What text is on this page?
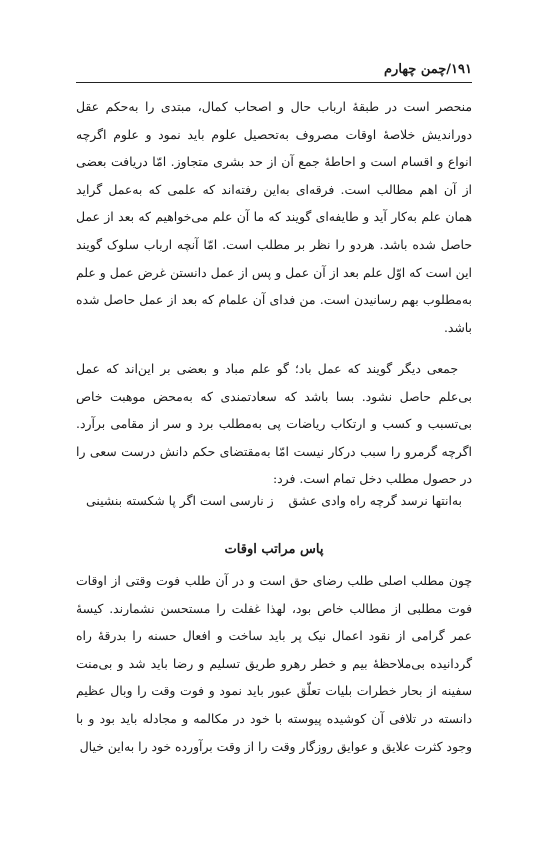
۱۹۱/چمن چهارم

منحصر است در طبقهٔ ارباب حال و اصحاب کمال، مبتدی را به‌حکم عقل دوراندیش خلاصهٔ اوقات مصروف به‌تحصیل علوم باید نمود و علوم اگرچه انواع و اقسام است و احاطهٔ جمع آن از حد بشری متجاوز. امّا دریافت بعضی از آن اهم مطالب است. فرقه‌ای به‌این رفته‌اند که علمی که به‌عمل گراید همان علم به‌کار آید و طایفه‌ای گویند که ما آن علم می‌خواهیم که بعد از عمل حاصل شده باشد. هردو را نظر بر مطلب است. امّا آنچه ارباب سلوک گویند این است که اوّل علم بعد از آن عمل و پس از عمل دانستن غرض عمل و علم به‌مطلوب بهم رسانیدن است. من فدای آن علمام که بعد از عمل حاصل شده باشد.

جمعی دیگر گویند که عمل باد؛ گو علم مباد و بعضی بر این‌اند که عمل بی‌علم حاصل نشود. بسا باشد که سعادتمندی که به‌محض موهبت خاص بی‌تسبب و کسب و ارتکاب ریاضات پی به‌مطلب برد و سر از مقامی برآرد. اگرچه گرمرو را سبب درکار نیست امّا به‌مقتضای حکم دانش درست سعی را در حصول مطلب دخل تمام است. فرد:

به‌انتها نرسد گرچه راه وادی عشق
ز نارسی است اگر پا شکسته بنشینی
پاس مراتب اوقات

چون مطلب اصلی طلب رضای حق است و در آن طلب فوت وقتی از اوقات فوت مطلبی از مطالب خاص بود، لهذا غفلت را مستحسن نشمارند. کیسهٔ عمر گرامی از نقود اعمال نیک پر باید ساخت و افعال حسنه را بدرقهٔ راه گردانیده بی‌ملاحظهٔ بیم و خطر رهرو طریق تسلیم و رضا باید شد و بی‌منت سفینه از بحار خطرات بلیات تعلّق عبور باید نمود و فوت وقت را وبال عظیم دانسته در تلافی آن کوشیده پیوسته با خود در مکالمه و مجادله باید بود و با وجود کثرت علایق و عوایق روزگار وقت را از وقت برآورده خود را به‌این خیال
